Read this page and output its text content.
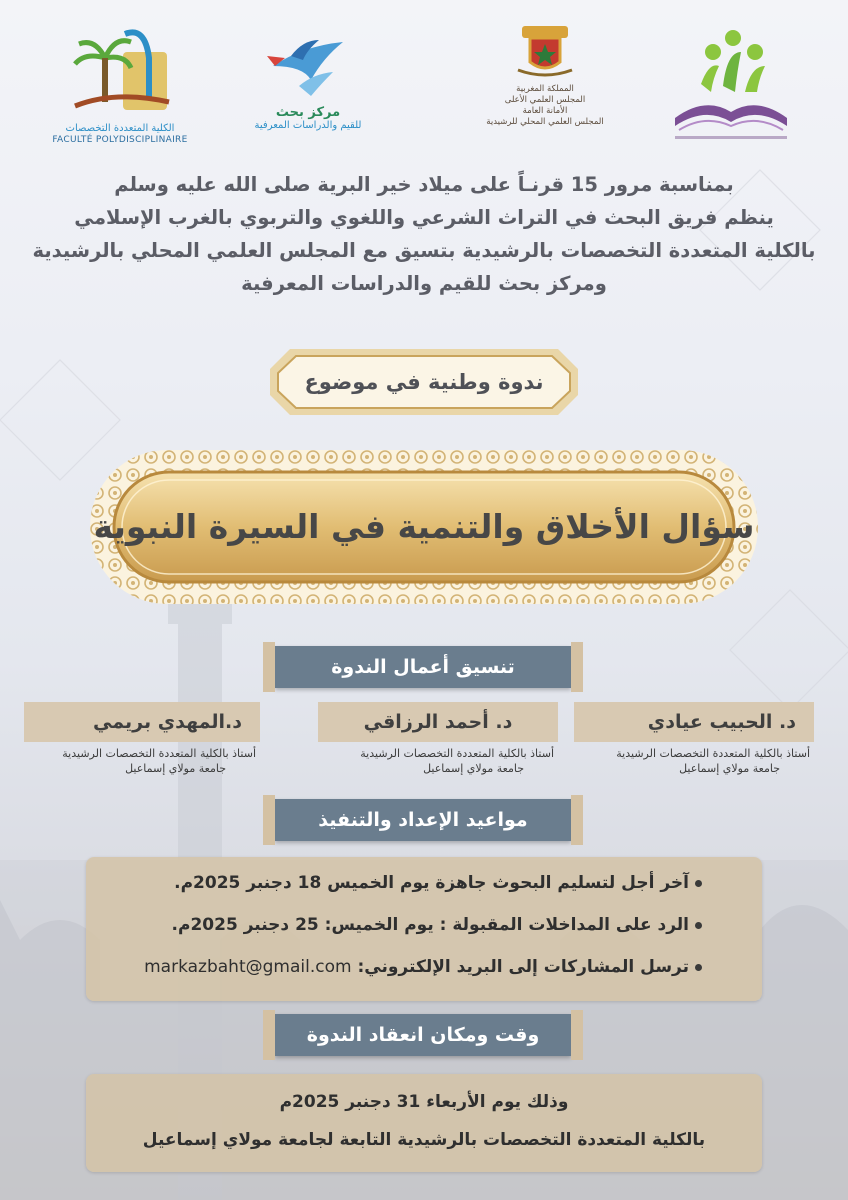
الكلية المتعددة التخصصات
FACULTÉ POLYDISCIPLINAIRE
مركز بحث
للقيم والدراسات المعرفية
المملكة المغربية
المجلس العلمي الأعلى
الأمانة العامة
المجلس العلمي المحلي للرشيدية
بمناسبة مرور 15 قرنـاً على ميلاد خير البرية صلى الله عليه وسلم
ينظم فريق البحث في التراث الشرعي واللغوي والتربوي بالغرب الإسلامي
بالكلية المتعددة التخصصات بالرشيدية بتسيق مع المجلس العلمي المحلي بالرشيدية
ومركز بحث للقيم والدراسات المعرفية
ندوة وطنية في موضوع
سؤال الأخلاق والتنمية في السيرة النبوية
تنسيق أعمال الندوة
د. الحبيب عيادي
أستاذ بالكلية المتعددة التخصصات الرشيدية
جامعة مولاي إسماعيل
د. أحمد الرزاقي
أستاذ بالكلية المتعددة التخصصات الرشيدية
جامعة مولاي إسماعيل
د.المهدي بريمي
أستاذ بالكلية المتعددة التخصصات الرشيدية
جامعة مولاي إسماعيل
مواعيد الإعداد والتنفيذ
آخر أجل لتسليم البحوث جاهزة يوم الخميس 18 دجنبر 2025م.
الرد على المداخلات المقبولة : يوم الخميس: 25 دجنبر 2025م.
ترسل المشاركات إلى البريد الإلكتروني: markazbaht@gmail.com
وقت ومكان انعقاد الندوة
وذلك يوم الأربعاء 31 دجنبر 2025م
بالكلية المتعددة التخصصات بالرشيدية التابعة لجامعة مولاي إسماعيل
